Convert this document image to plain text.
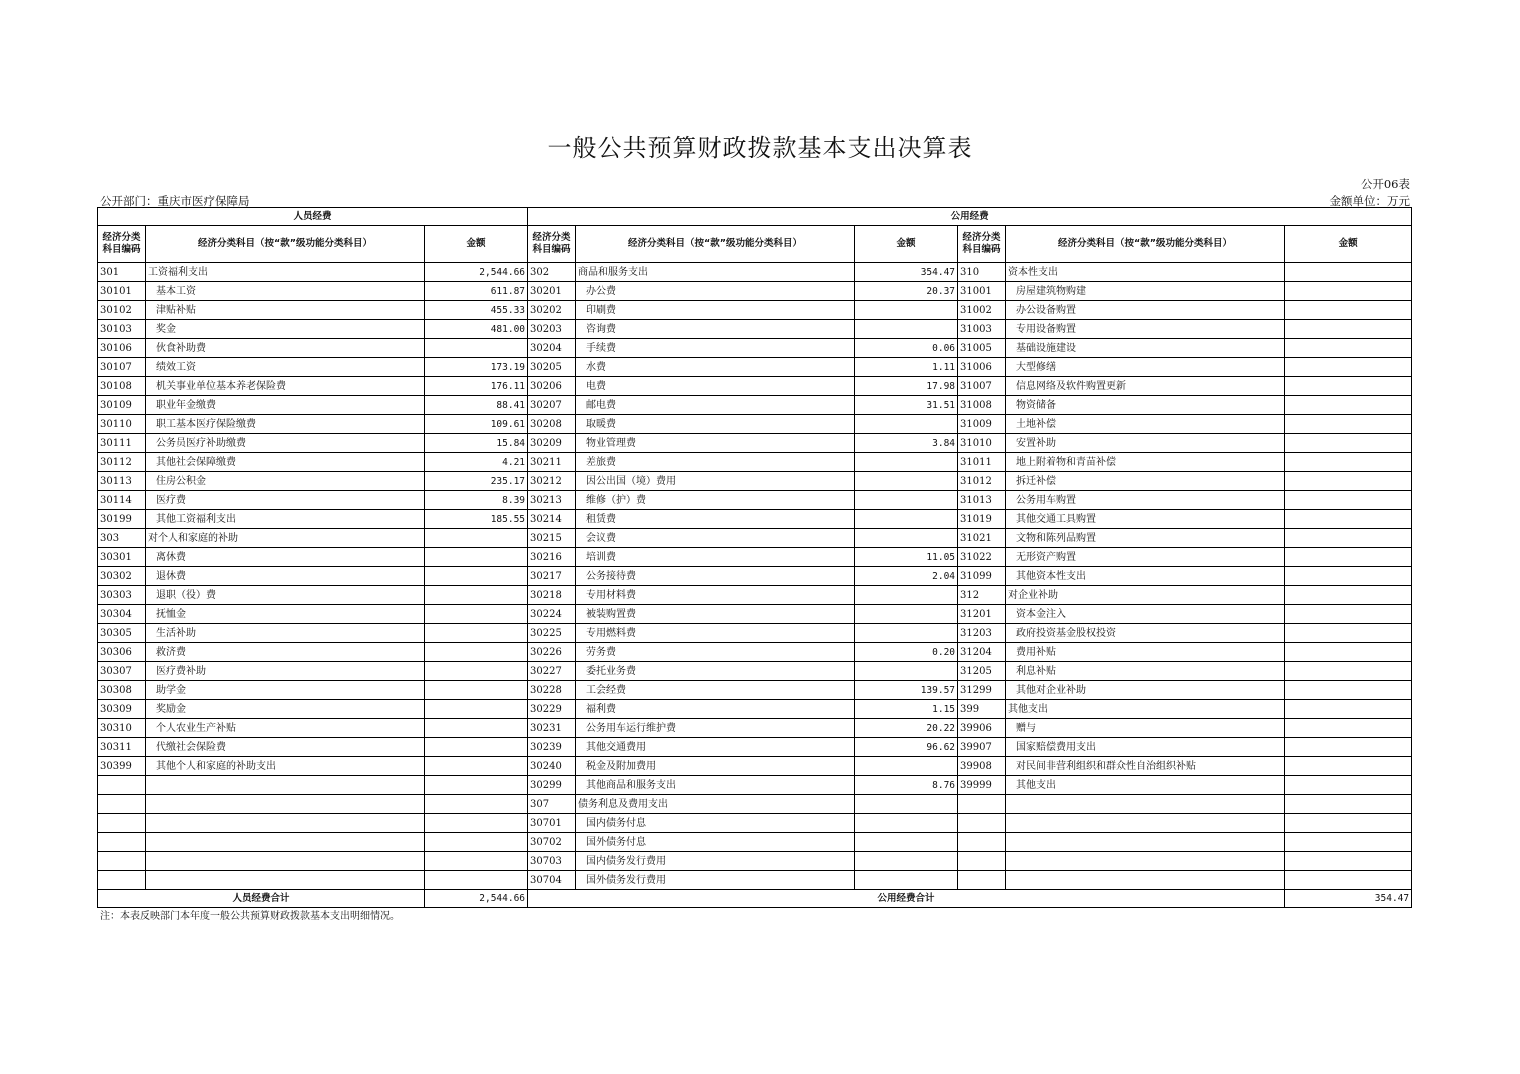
一般公共预算财政拨款基本支出决算表
公开06表
公开部门：重庆市医疗保障局	金额单位：万元
人员经费			公用经费					
经济分类科目编码	经济分类科目（按“款”级功能分类科目）	金额	经济分类科目编码	经济分类科目（按“款”级功能分类科目）	金额	经济分类科目编码	经济分类科目（按“款”级功能分类科目）	金额
301	工资福利支出	2,544.66	302	商品和服务支出	354.47	310	资本性支出	
30101	基本工资	611.87	30201	办公费	20.37	31001	房屋建筑物购建	
30102	津贴补贴	455.33	30202	印刷费		31002	办公设备购置	
30103	奖金	481.00	30203	咨询费		31003	专用设备购置	
30106	伙食补助费		30204	手续费	0.06	31005	基础设施建设	
30107	绩效工资	173.19	30205	水费	1.11	31006	大型修缮	
30108	机关事业单位基本养老保险费	176.11	30206	电费	17.98	31007	信息网络及软件购置更新	
30109	职业年金缴费	88.41	30207	邮电费	31.51	31008	物资储备	
30110	职工基本医疗保险缴费	109.61	30208	取暖费		31009	土地补偿	
30111	公务员医疗补助缴费	15.84	30209	物业管理费	3.84	31010	安置补助	
30112	其他社会保障缴费	4.21	30211	差旅费		31011	地上附着物和青苗补偿	
30113	住房公积金	235.17	30212	因公出国（境）费用		31012	拆迁补偿	
30114	医疗费	8.39	30213	维修（护）费		31013	公务用车购置	
30199	其他工资福利支出	185.55	30214	租赁费		31019	其他交通工具购置	
303	对个人和家庭的补助		30215	会议费		31021	文物和陈列品购置	
30301	离休费		30216	培训费	11.05	31022	无形资产购置	
30302	退休费		30217	公务接待费	2.04	31099	其他资本性支出	
30303	退职（役）费		30218	专用材料费		312	对企业补助	
30304	抚恤金		30224	被装购置费		31201	资本金注入	
30305	生活补助		30225	专用燃料费		31203	政府投资基金股权投资	
30306	救济费		30226	劳务费	0.20	31204	费用补贴	
30307	医疗费补助		30227	委托业务费		31205	利息补贴	
30308	助学金		30228	工会经费	139.57	31299	其他对企业补助	
30309	奖励金		30229	福利费	1.15	399	其他支出	
30310	个人农业生产补贴		30231	公务用车运行维护费	20.22	39906	赠与	
30311	代缴社会保险费		30239	其他交通费用	96.62	39907	国家赔偿费用支出	
30399	其他个人和家庭的补助支出		30240	税金及附加费用		39908	对民间非营利组织和群众性自治组织补贴	
			30299	其他商品和服务支出	8.76	39999	其他支出	
			307	债务利息及费用支出				
			30701	国内债务付息				
			30702	国外债务付息				
			30703	国内债务发行费用				
			30704	国外债务发行费用				
人员经费合计		2,544.66	公用经费合计					354.47
注：本表反映部门本年度一般公共预算财政拨款基本支出明细情况。
